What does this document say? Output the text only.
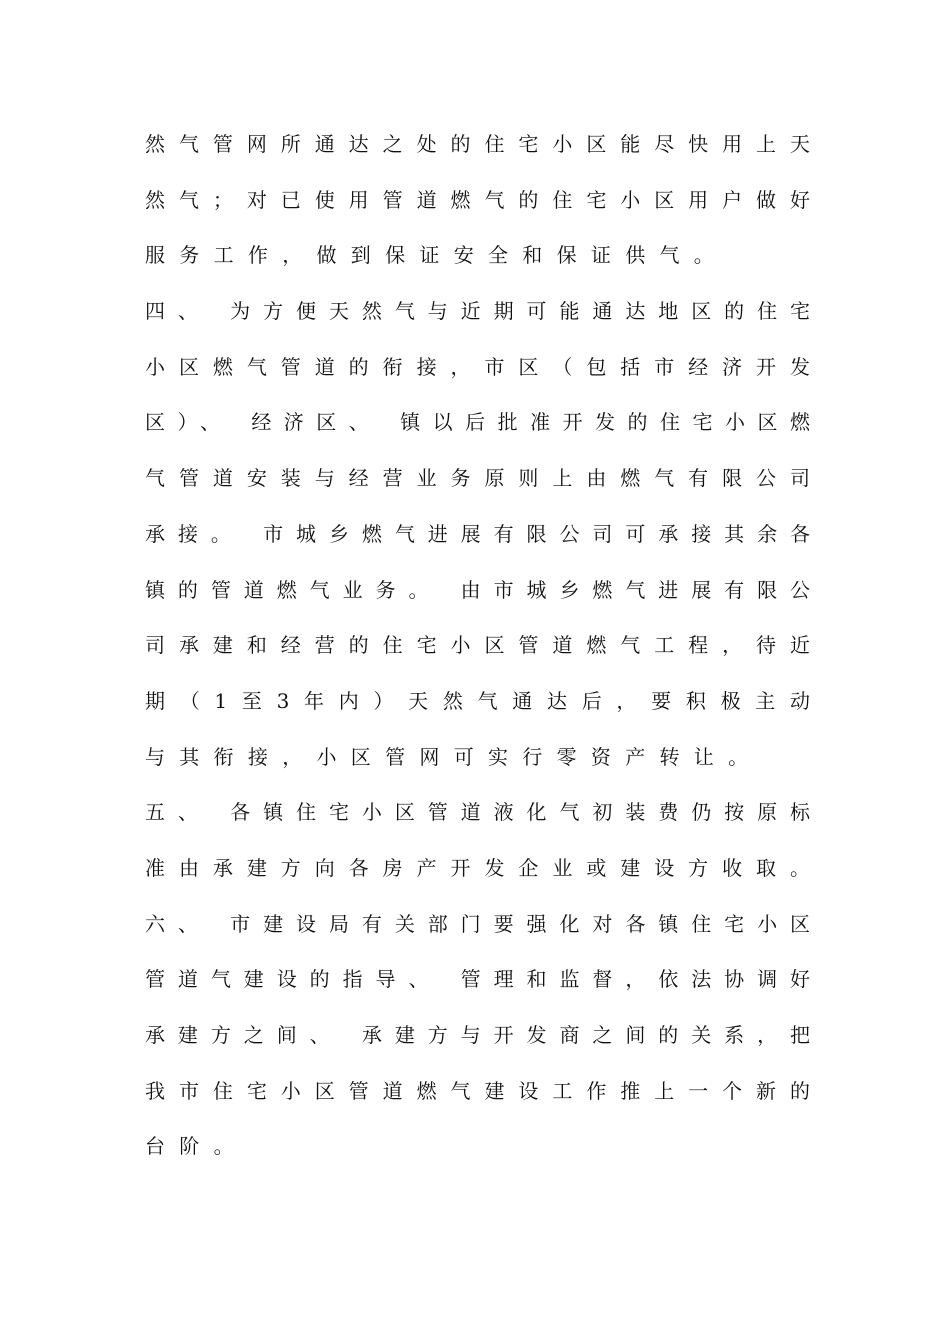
然气管网所通达之处的住宅小区能尽快用上天
然气；对已使用管道燃气的住宅小区用户做好
服务工作，做到保证安全和保证供气。
四、 为方便天然气与近期可能通达地区的住宅
小区燃气管道的衔接，市区（包括市经济开发
区）、 经济区、 镇以后批准开发的住宅小区燃
气管道安装与经营业务原则上由燃气有限公司
承接。 市城乡燃气进展有限公司可承接其余各
镇的管道燃气业务。 由市城乡燃气进展有限公
司承建和经营的住宅小区管道燃气工程，待近
期（1至3年内）天然气通达后，要积极主动
与其衔接，小区管网可实行零资产转让。
五、 各镇住宅小区管道液化气初装费仍按原标
准由承建方向各房产开发企业或建设方收取。
六、 市建设局有关部门要强化对各镇住宅小区
管道气建设的指导、 管理和监督，依法协调好
承建方之间、 承建方与开发商之间的关系，把
我市住宅小区管道燃气建设工作推上一个新的
台阶。
